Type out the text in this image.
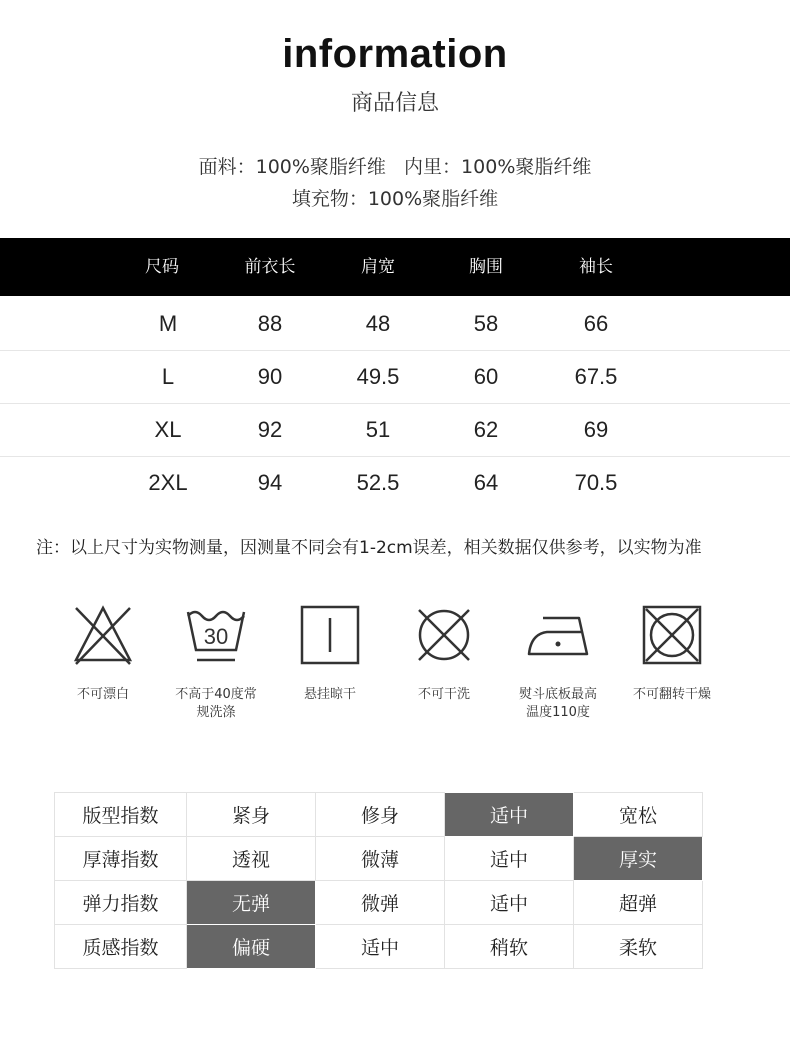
information
商品信息
面料：100%聚脂纤维   内里：100%聚脂纤维
填充物：100%聚脂纤维
尺码	前衣长	肩宽	胸围	袖长
M	88	48	58	66
L	90	49.5	60	67.5
XL	92	51	62	69
2XL	94	52.5	64	70.5
注：以上尺寸为实物测量，因测量不同会有1-2cm误差，相关数据仅供参考，以实物为准
不可漂白
30
不高于40度常规洗涤
悬挂晾干	不可干洗	熨斗底板最高温度110度
不可翻转干燥
版型指数	紧身	修身	适中	宽松
厚薄指数	透视	微薄	适中	厚实
弹力指数	无弹	微弹	适中	超弹
质感指数	偏硬	适中	稍软	柔软
